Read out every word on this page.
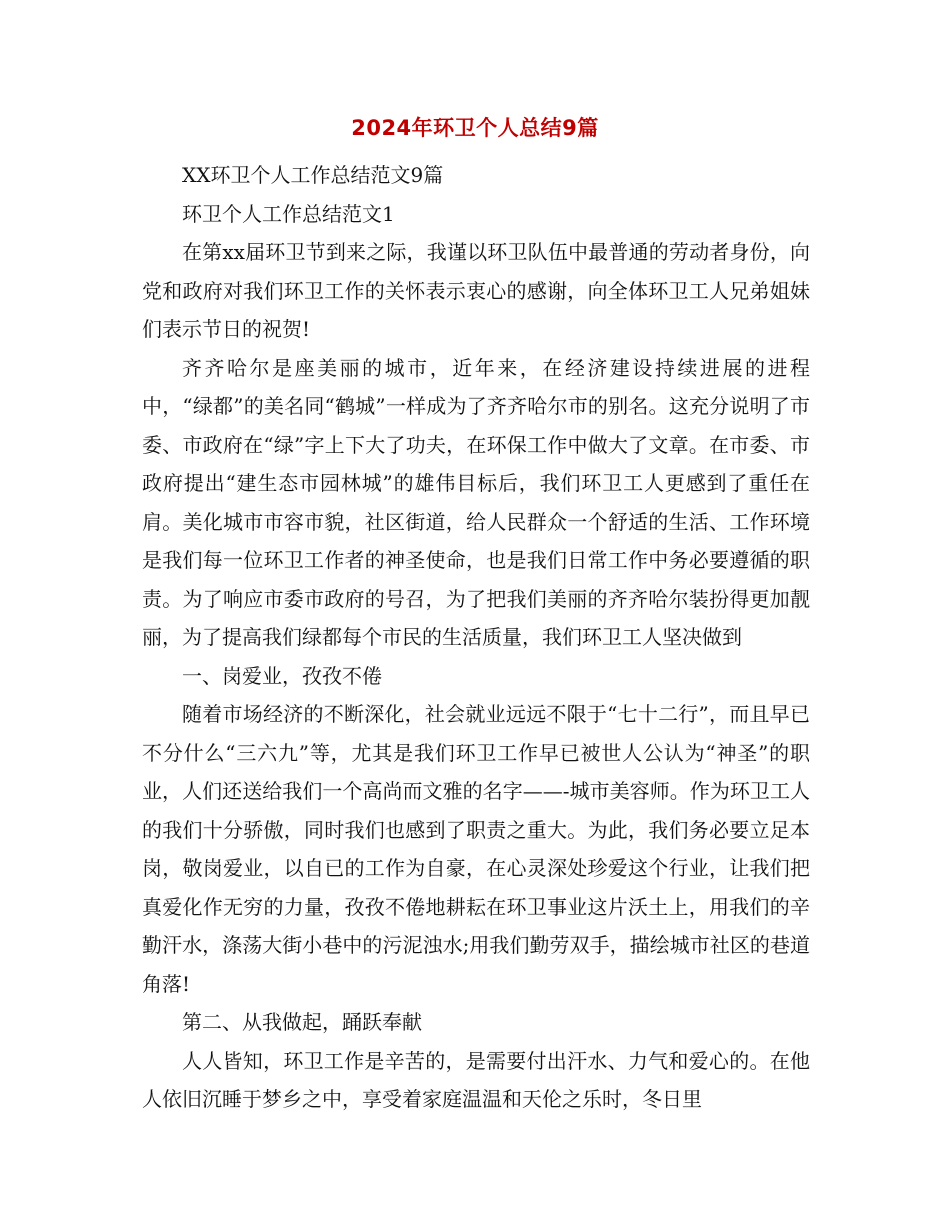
2024年环卫个人总结9篇

XX环卫个人工作总结范文9篇

环卫个人工作总结范文1

在第xx届环卫节到来之际，我谨以环卫队伍中最普通的劳动者身份，向党和政府对我们环卫工作的关怀表示衷心的感谢，向全体环卫工人兄弟姐妹们表示节日的祝贺!

齐齐哈尔是座美丽的城市，近年来，在经济建设持续进展的进程中，“绿都”的美名同“鹤城”一样成为了齐齐哈尔市的别名。这充分说明了市委、市政府在“绿”字上下大了功夫，在环保工作中做大了文章。在市委、市政府提出“建生态市园林城”的雄伟目标后，我们环卫工人更感到了重任在肩。美化城市市容市貌，社区街道，给人民群众一个舒适的生活、工作环境是我们每一位环卫工作者的神圣使命，也是我们日常工作中务必要遵循的职责。为了响应市委市政府的号召，为了把我们美丽的齐齐哈尔装扮得更加靓丽，为了提高我们绿都每个市民的生活质量，我们环卫工人坚决做到

一、岗爱业，孜孜不倦

随着市场经济的不断深化，社会就业远远不限于“七十二行”，而且早已不分什么“三六九”等，尤其是我们环卫工作早已被世人公认为“神圣”的职业，人们还送给我们一个高尚而文雅的名字——-城市美容师。作为环卫工人的我们十分骄傲，同时我们也感到了职责之重大。为此，我们务必要立足本岗，敬岗爱业，以自已的工作为自豪，在心灵深处珍爱这个行业，让我们把真爱化作无穷的力量，孜孜不倦地耕耘在环卫事业这片沃土上，用我们的辛勤汗水，涤荡大街小巷中的污泥浊水;用我们勤劳双手，描绘城市社区的巷道角落!

第二、从我做起，踊跃奉献

人人皆知，环卫工作是辛苦的，是需要付出汗水、力气和爱心的。在他人依旧沉睡于梦乡之中，享受着家庭温温和天伦之乐时，冬日里
